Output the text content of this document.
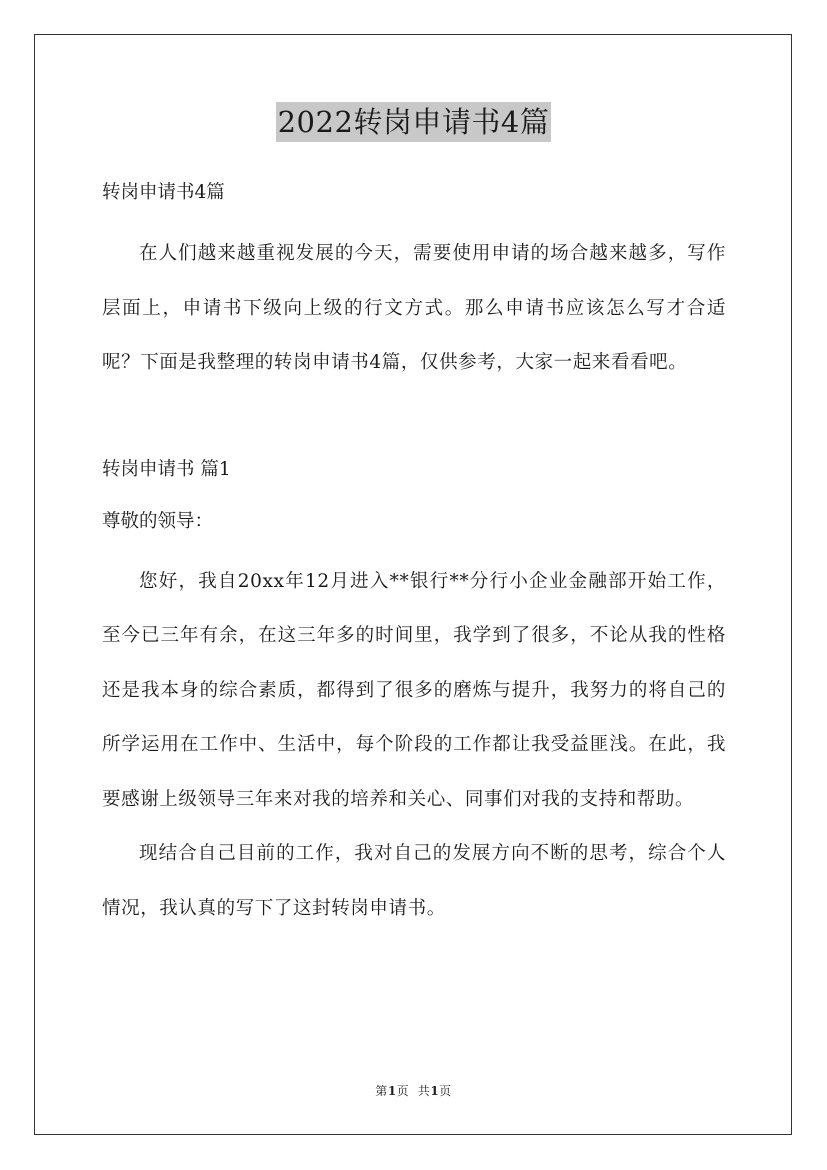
2022转岗申请书4篇
转岗申请书4篇
在人们越来越重视发展的今天，需要使用申请的场合越来越多，写作层面上，申请书下级向上级的行文方式。那么申请书应该怎么写才合适呢？下面是我整理的转岗申请书4篇，仅供参考，大家一起来看看吧。
转岗申请书 篇1
尊敬的领导：
您好，我自20xx年12月进入**银行**分行小企业金融部开始工作，至今已三年有余，在这三年多的时间里，我学到了很多，不论从我的性格还是我本身的综合素质，都得到了很多的磨炼与提升，我努力的将自己的所学运用在工作中、生活中，每个阶段的工作都让我受益匪浅。在此，我要感谢上级领导三年来对我的培养和关心、同事们对我的支持和帮助。
现结合自己目前的工作，我对自己的发展方向不断的思考，综合个人情况，我认真的写下了这封转岗申请书。
第1页  共1页
